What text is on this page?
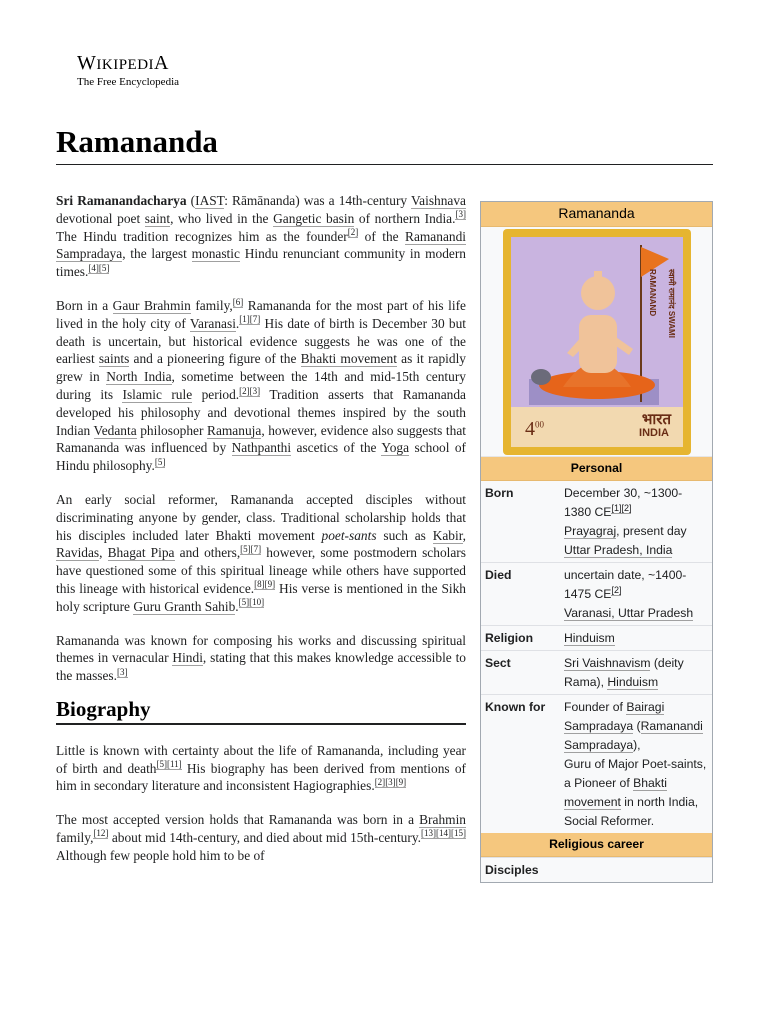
WIKIPEDIA
The Free Encyclopedia
Ramananda

Sri Ramanandacharya (IAST: Rāmānanda) was a 14th-century Vaishnava devotional poet saint, who lived in the Gangetic basin of northern India.[3] The Hindu tradition recognizes him as the founder[2] of the Ramanandi Sampradaya, the largest monastic Hindu renunciant community in modern times.[4][5]

Born in a Gaur Brahmin family,[6] Ramananda for the most part of his life lived in the holy city of Varanasi.[1][7] His date of birth is December 30 but death is uncertain, but historical evidence suggests he was one of the earliest saints and a pioneering figure of the Bhakti movement as it rapidly grew in North India, sometime between the 14th and mid-15th century during its Islamic rule period.[2][3] Tradition asserts that Ramananda developed his philosophy and devotional themes inspired by the south Indian Vedanta philosopher Ramanuja, however, evidence also suggests that Ramananda was influenced by Nathpanthi ascetics of the Yoga school of Hindu philosophy.[5]

An early social reformer, Ramananda accepted disciples without discriminating anyone by gender, class. Traditional scholarship holds that his disciples included later Bhakti movement poet-sants such as Kabir, Ravidas, Bhagat Pipa and others,[5][7] however, some postmodern scholars have questioned some of this spiritual lineage while others have supported this lineage with historical evidence.[8][9] His verse is mentioned in the Sikh holy scripture Guru Granth Sahib.[5][10]

Ramananda was known for composing his works and discussing spiritual themes in vernacular Hindi, stating that this makes knowledge accessible to the masses.[3]

Biography

Little is known with certainty about the life of Ramananda, including year of birth and death[5][11] His biography has been derived from mentions of him in secondary literature and inconsistent Hagiographies.[2][3][9]

The most accepted version holds that Ramananda was born in a Brahmin family,[12] about mid 14th-century, and died about mid 15th-century.[13][14][15] Although few people hold him to be of

Ramananda
$4^{00}$	भारत
INDIA
स्वामी रामानंद SWAMI RAMANAND
Personal
Born	December 30, ~1300-1380 CE[1][2]
Prayagraj, present day
Uttar Pradesh, India
Died	uncertain date, ~1400-1475 CE[2]
Varanasi, Uttar Pradesh
Religion	Hinduism
Sect	Sri Vaishnavism (deity Rama), Hinduism
Known for	Founder of Bairagi Sampradaya (Ramanandi Sampradaya),
Guru of Major Poet-saints,
a Pioneer of Bhakti movement in north India, Social Reformer.
Religious career
Disciples
